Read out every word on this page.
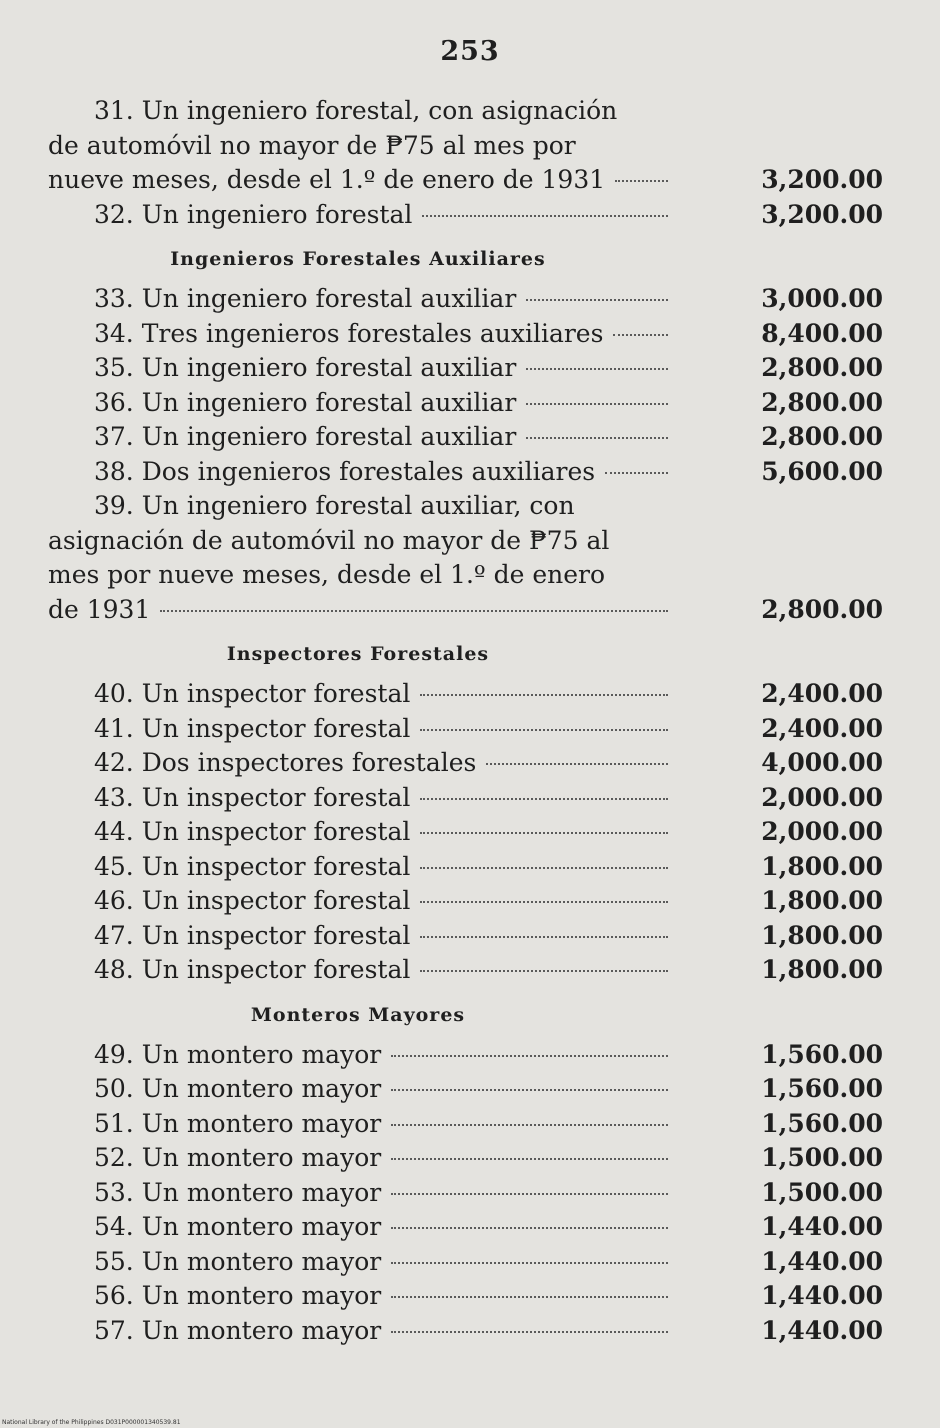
253
31. Un ingeniero forestal, con asignación
de automóvil no mayor de ₱75 al mes por
nueve meses, desde el 1.º de enero de 1931	3,200.00
32. Un ingeniero forestal	3,200.00
Ingenieros Forestales Auxiliares
33. Un ingeniero forestal auxiliar	3,000.00
34. Tres ingenieros forestales auxiliares	8,400.00
35. Un ingeniero forestal auxiliar	2,800.00
36. Un ingeniero forestal auxiliar	2,800.00
37. Un ingeniero forestal auxiliar	2,800.00
38. Dos ingenieros forestales auxiliares	5,600.00
39. Un ingeniero forestal auxiliar, con
asignación de automóvil no mayor de ₱75 al
mes por nueve meses, desde el 1.º de enero
de 1931	2,800.00
Inspectores Forestales
40. Un inspector forestal	2,400.00
41. Un inspector forestal	2,400.00
42. Dos inspectores forestales	4,000.00
43. Un inspector forestal	2,000.00
44. Un inspector forestal	2,000.00
45. Un inspector forestal	1,800.00
46. Un inspector forestal	1,800.00
47. Un inspector forestal	1,800.00
48. Un inspector forestal	1,800.00
Monteros Mayores
49. Un montero mayor	1,560.00
50. Un montero mayor	1,560.00
51. Un montero mayor	1,560.00
52. Un montero mayor	1,500.00
53. Un montero mayor	1,500.00
54. Un montero mayor	1,440.00
55. Un montero mayor	1,440.00
56. Un montero mayor	1,440.00
57. Un montero mayor	1,440.00
National Library of the Philippines D031P000001340539.81
